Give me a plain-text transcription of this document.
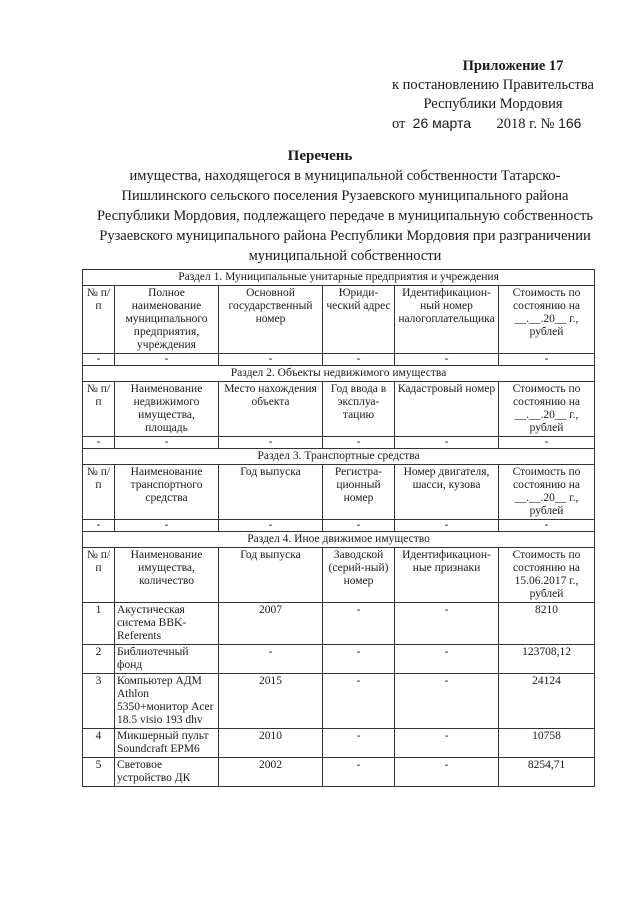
Приложение 17
к постановлению Правительства
Республики Мордовия
от 26 марта 2018 г. № 166
Перечень
имущества, находящегося в муниципальной собственности Татарско-Пишлинского сельского поселения Рузаевского муниципального района Республики Мордовия, подлежащего передаче в муниципальную собственность Рузаевского муниципального района Республики Мордовия при разграничении муниципальной собственности
Раздел 1. Муниципальные унитарные предприятия и учреждения					
№ п/п	Полное наименование муниципального предприятия, учреждения	Основной государственный номер	Юриди-ческий адрес	Идентификацион-ный номер налогоплательщика	Стоимость по состоянию на __.__.20__ г., рублей
-	-	-	-	-	-
Раздел 2. Объекты недвижимого имущества					
№ п/п	Наименование недвижимого имущества, площадь	Место нахождения объекта	Год ввода в эксплуа-тацию	Кадастровый номер	Стоимость по состоянию на __.__.20__ г., рублей
-	-	-	-	-	-
Раздел 3. Транспортные средства					
№ п/п	Наименование транспортного средства	Год выпуска	Регистра-ционный номер	Номер двигателя, шасси, кузова	Стоимость по состоянию на __.__.20__ г., рублей
-	-	-	-	-	-
Раздел 4. Иное движимое имущество					
№ п/п	Наименование имущества, количество	Год выпуска	Заводской (серий-ный) номер	Идентификацион-ные признаки	Стоимость по состоянию на 15.06.2017 г., рублей
1	Акустическая система BBK-Referents	2007	-	-	8210
2	Библиотечный фонд	-	-	-	123708,12
3	Компьютер АДМ Athlon 5350+монитор Acer 18.5 visio 193 dhv	2015	-	-	24124
4	Микшерный пульт Soundcraft EPM6	2010	-	-	10758
5	Световое устройство ДК	2002	-	-	8254,71
